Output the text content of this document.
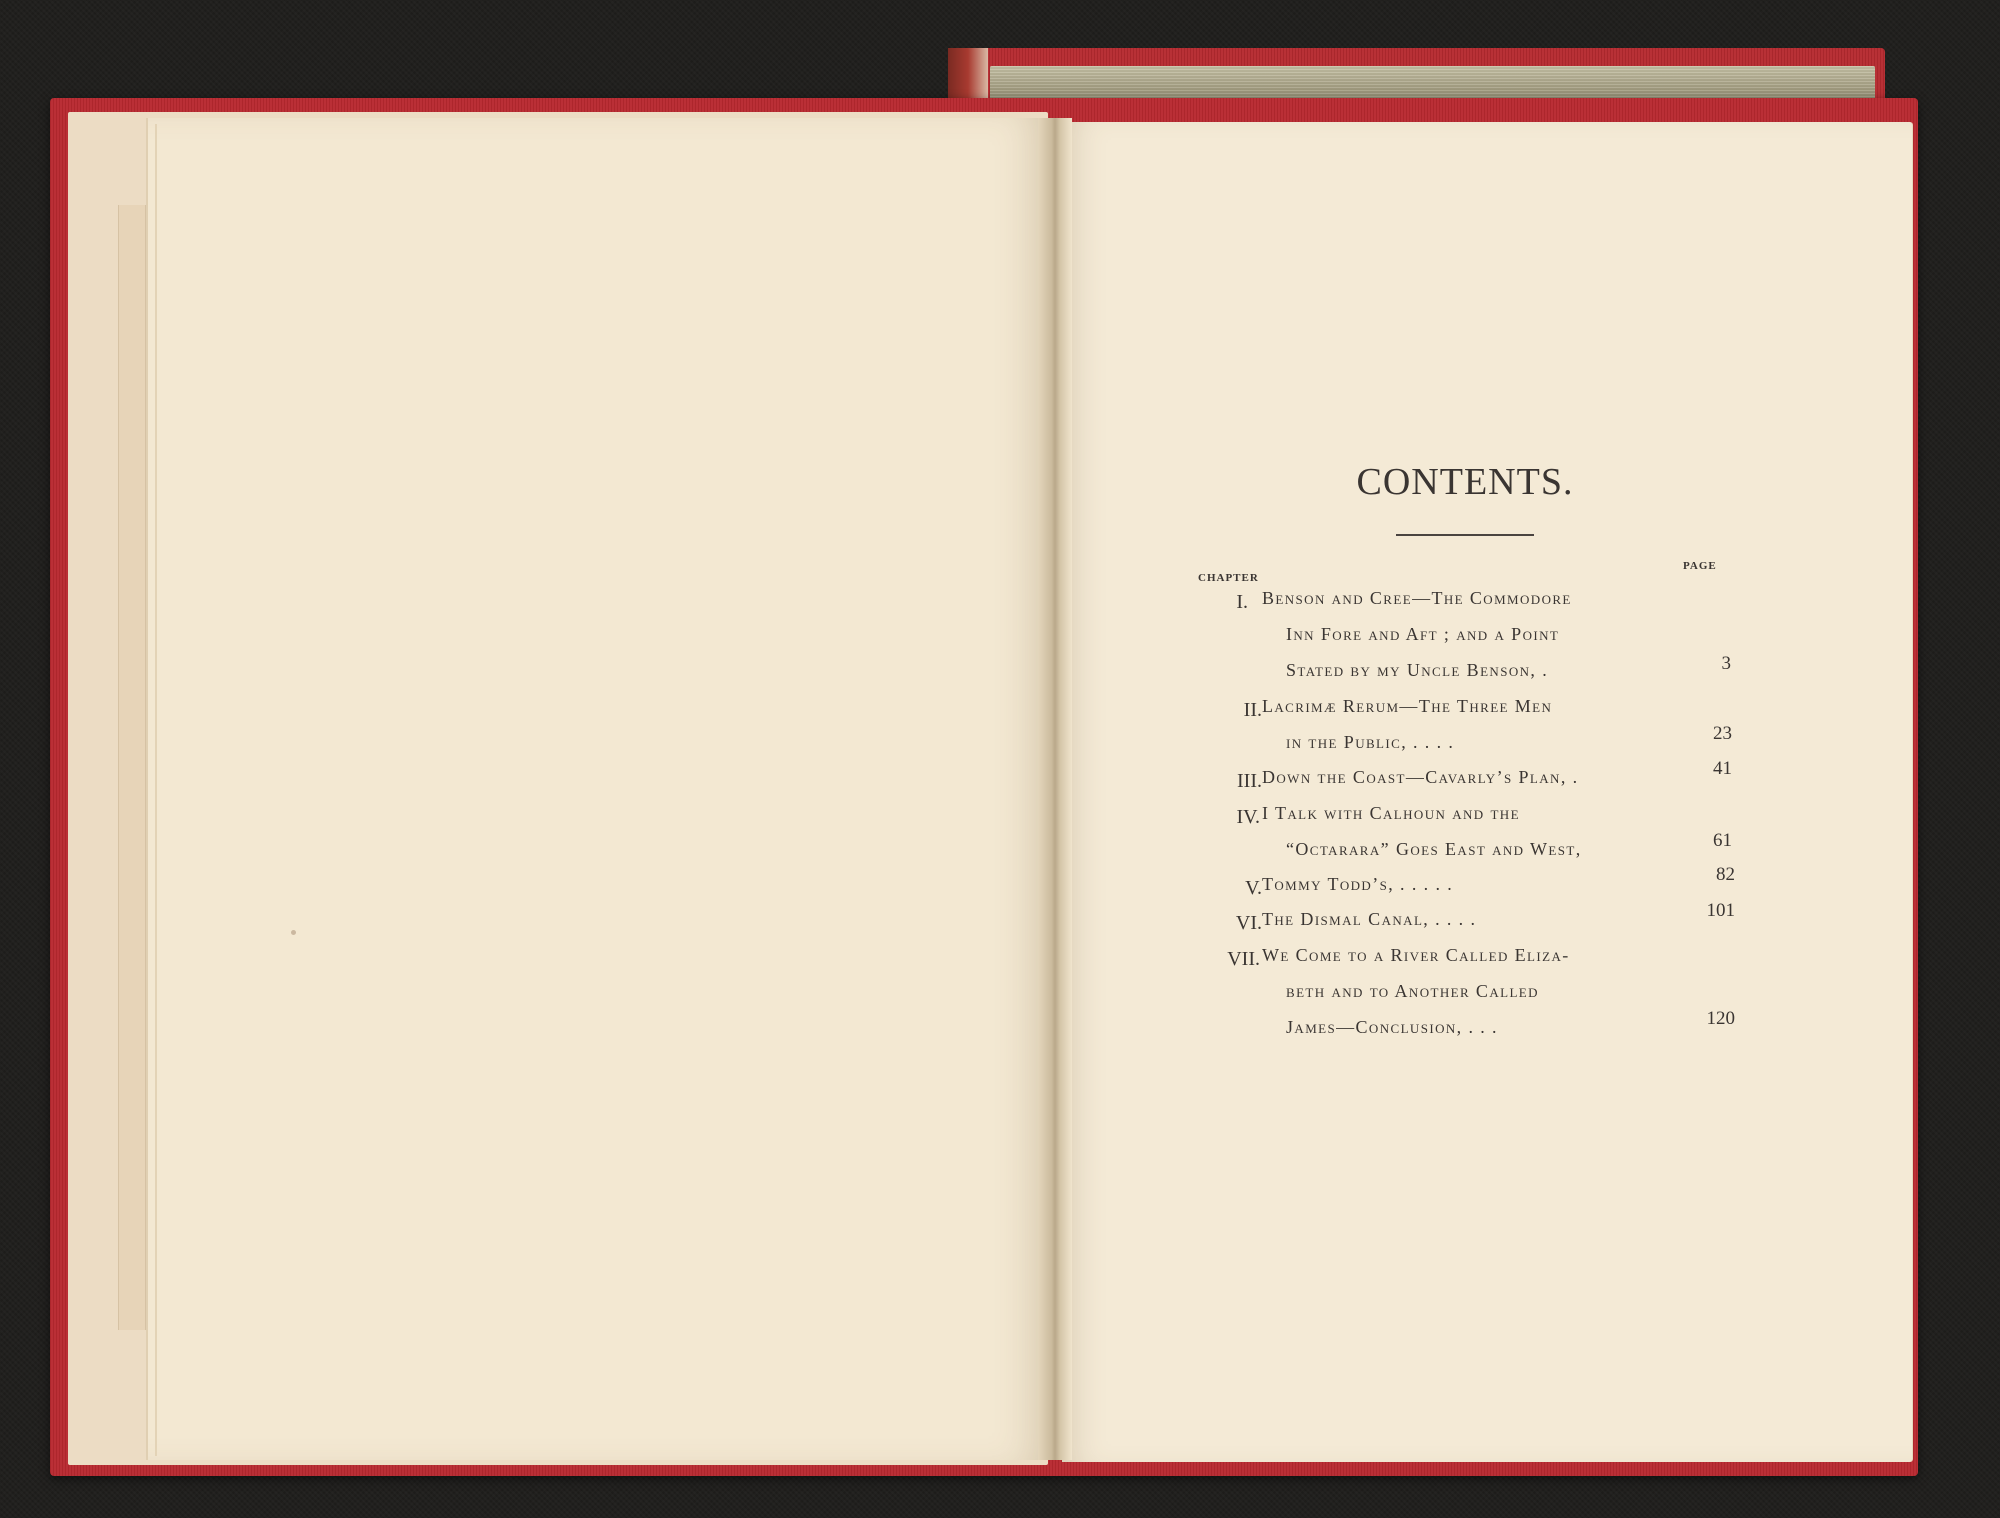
CONTENTS.
CHAPTER
PAGE
I. Benson and Cree—The Commodore
Inn Fore and Aft ; and a Point
Stated by my Uncle Benson, .	3
II. Lacrimæ Rerum—The Three Men
in the Public, . . . .	23
III. Down the Coast—Cavarly’s Plan, .	41
IV. I Talk with Calhoun and the
“Octarara” Goes East and West,	61
V. Tommy Todd’s, . . . . .	82
VI. The Dismal Canal, . . . .	101
VII. We Come to a River Called Eliza-
beth and to Another Called
James—Conclusion, . . .	120
